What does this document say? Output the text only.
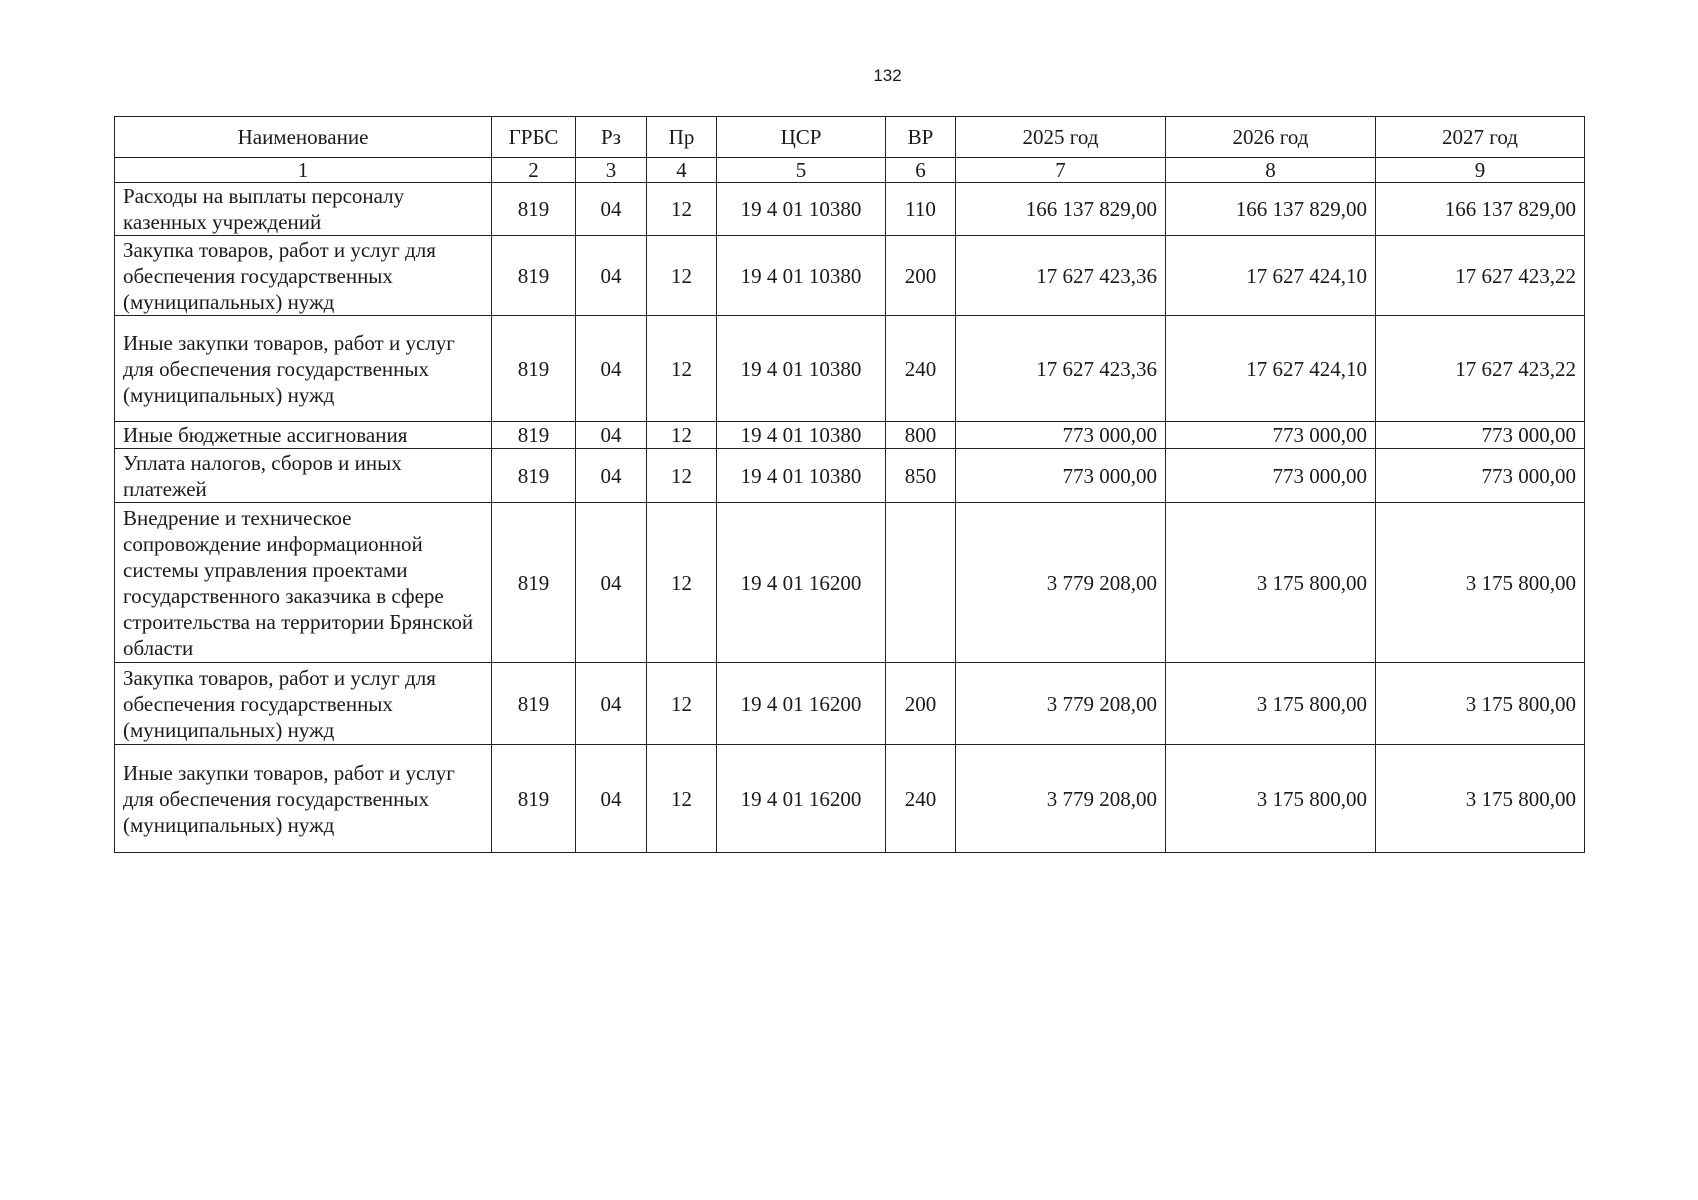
132
Наименование	ГРБС	Рз	Пр	ЦСР	ВР	2025 год	2026 год	2027 год
1	2	3	4	5	6	7	8	9
Расходы на выплаты персоналу казенных учреждений	819	04	12	19 4 01 10380	110	166 137 829,00	166 137 829,00	166 137 829,00
Закупка товаров, работ и услуг для обеспечения государственных (муниципальных) нужд	819	04	12	19 4 01 10380	200	17 627 423,36	17 627 424,10	17 627 423,22
Иные закупки товаров, работ и услуг для обеспечения государственных (муниципальных) нужд	819	04	12	19 4 01 10380	240	17 627 423,36	17 627 424,10	17 627 423,22
Иные бюджетные ассигнования	819	04	12	19 4 01 10380	800	773 000,00	773 000,00	773 000,00
Уплата налогов, сборов и иных платежей	819	04	12	19 4 01 10380	850	773 000,00	773 000,00	773 000,00
Внедрение и техническое сопровождение информационной системы управления проектами государственного заказчика в сфере строительства на территории Брянской области	819	04	12	19 4 01 16200		3 779 208,00	3 175 800,00	3 175 800,00
Закупка товаров, работ и услуг для обеспечения государственных (муниципальных) нужд	819	04	12	19 4 01 16200	200	3 779 208,00	3 175 800,00	3 175 800,00
Иные закупки товаров, работ и услуг для обеспечения государственных (муниципальных) нужд	819	04	12	19 4 01 16200	240	3 779 208,00	3 175 800,00	3 175 800,00
